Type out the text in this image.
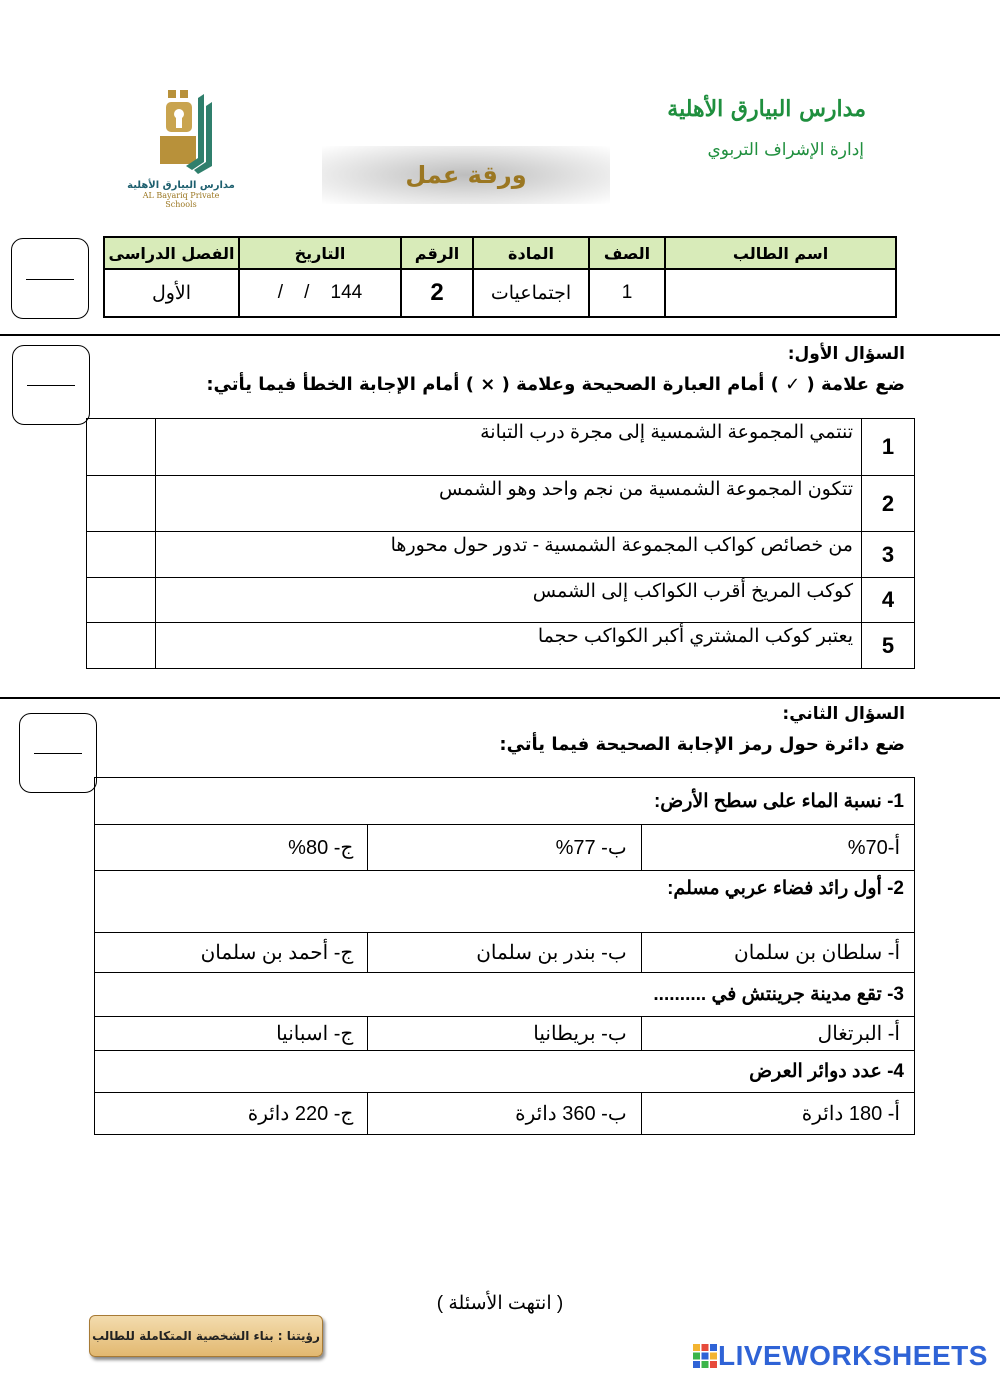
مدارس البيارق الأهلية
إدارة الإشراف التربوي
ورقة عمل
مدارس البيارق الأهلية
AL Bayariq Private Schools
اسم الطالب	الصف	المادة	الرقم	التاريخ	الفصل الدراسى
	1	اجتماعيات	2	/    /    144	الأول
السؤال الأول:
ضع علامة ( ✓ ) أمام العبارة الصحيحة وعلامة ( × ) أمام الإجابة الخطأ فيما يأتي:
1	تنتمي المجموعة الشمسية إلى مجرة درب التبانة	
2	تتكون المجموعة الشمسية من نجم واحد وهو الشمس	
3	من خصائص كواكب المجموعة الشمسية - تدور حول محورها	
4	كوكب المريخ أقرب الكواكب إلى الشمس	
5	يعتبر كوكب المشتري أكبر الكواكب حجما	
السؤال الثاني:
ضع دائرة حول رمز الإجابة الصحيحة فيما يأتي:
1- نسبة الماء على سطح الأرض:		
أ-70%	ب- 77%	ج- 80%
2- أول رائد فضاء عربي مسلم:		
أ- سلطان بن سلمان	ب- بندر بن سلمان	ج- أحمد بن سلمان
3- تقع مدينة جرينتش في ..........		
أ- البرتغال	ب- بريطانيا	ج- اسبانيا
4- عدد دوائر العرض		
أ- 180 دائرة	ب- 360 دائرة	ج- 220 دائرة
( انتهت الأسئلة )
رؤيتنا : بناء الشخصية المتكاملة للطالب
LIVEWORKSHEETS
